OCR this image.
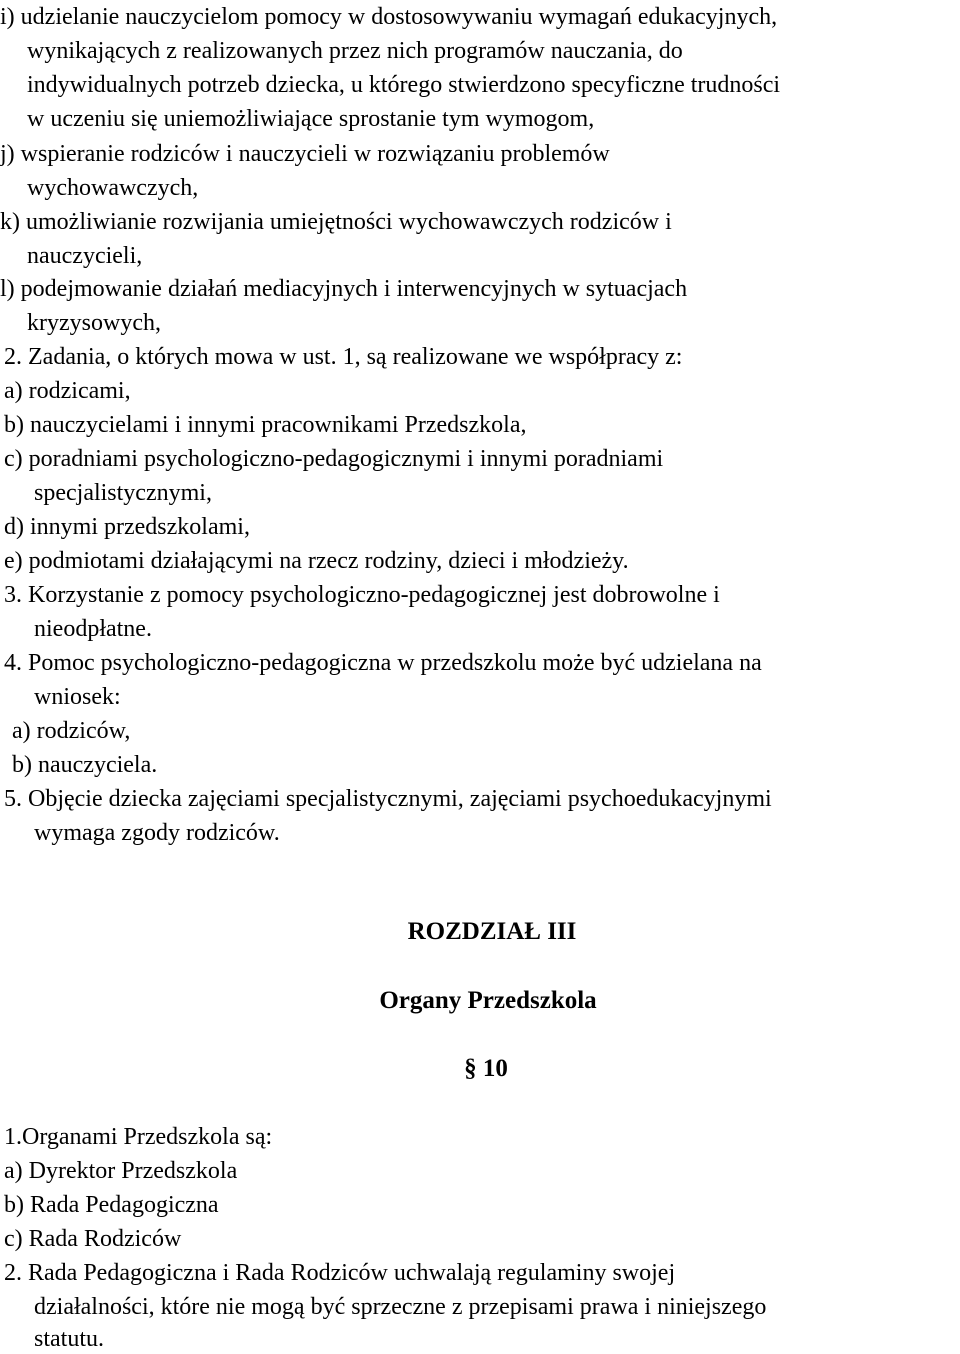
i) udzielanie nauczycielom pomocy w dostosowywaniu wymagań edukacyjnych,

wynikających z realizowanych przez nich programów nauczania, do

indywidualnych potrzeb dziecka, u którego stwierdzono specyficzne trudności

w uczeniu się uniemożliwiające sprostanie tym wymogom,

j) wspieranie rodziców i nauczycieli w rozwiązaniu problemów

wychowawczych,

k) umożliwianie rozwijania umiejętności wychowawczych rodziców i

nauczycieli,

l) podejmowanie działań mediacyjnych i interwencyjnych w sytuacjach

kryzysowych,

2. Zadania, o których mowa w ust. 1, są realizowane we współpracy z:

a) rodzicami,

b) nauczycielami i innymi pracownikami Przedszkola,

c) poradniami psychologiczno-pedagogicznymi i innymi poradniami

specjalistycznymi,

d) innymi przedszkolami,

e) podmiotami działającymi na rzecz rodziny, dzieci i młodzieży.

3. Korzystanie z pomocy psychologiczno-pedagogicznej jest dobrowolne i

nieodpłatne.

4. Pomoc psychologiczno-pedagogiczna w przedszkolu może być udzielana na

wniosek:

a) rodziców,

b) nauczyciela.

5. Objęcie dziecka zajęciami specjalistycznymi, zajęciami psychoedukacyjnymi

wymaga zgody rodziców.

ROZDZIAŁ III

Organy Przedszkola

§ 10

1.Organami Przedszkola są:

a) Dyrektor Przedszkola

b) Rada Pedagogiczna

c) Rada Rodziców

2. Rada Pedagogiczna i Rada Rodziców uchwalają regulaminy swojej

działalności, które nie mogą być sprzeczne z przepisami prawa i niniejszego

statutu.
